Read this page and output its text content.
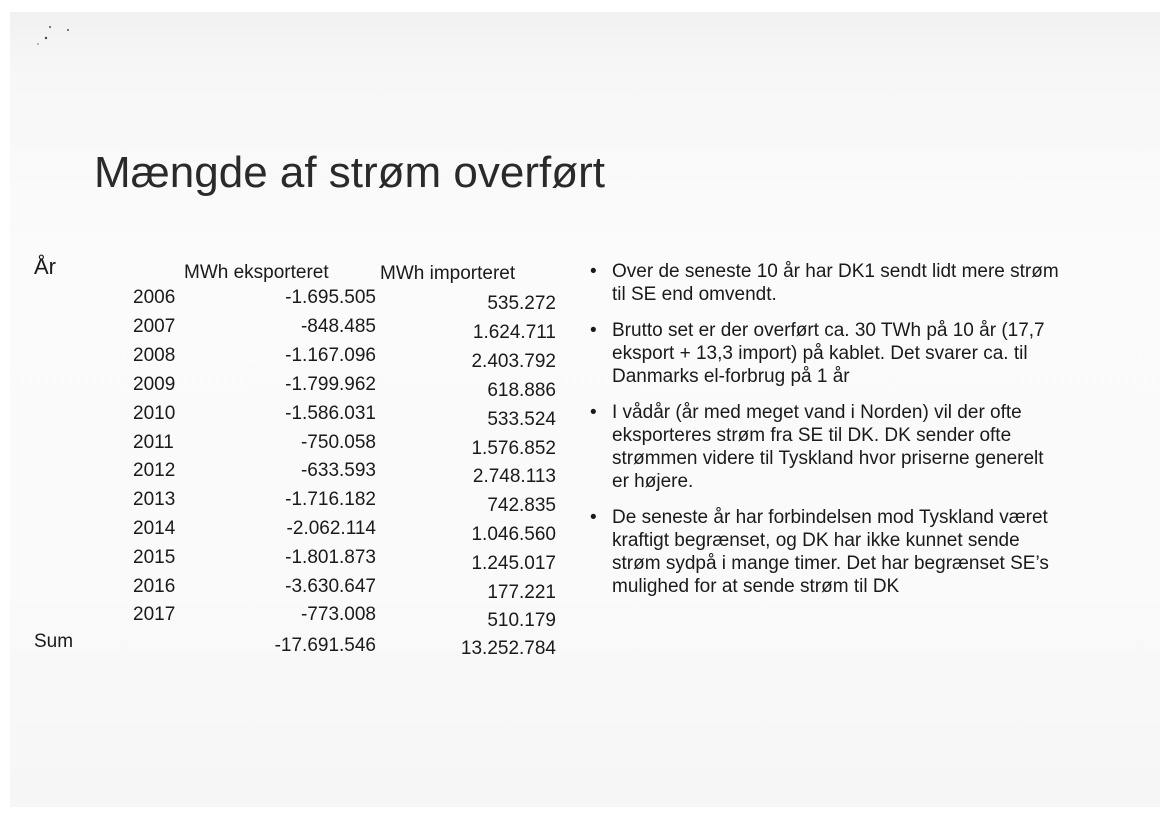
Mængde af strøm overført
År	MWh eksporteret	MWh importeret
2006	-1.695.505	535.272
2007	-848.485	1.624.711
2008	-1.167.096	2.403.792
2009	-1.799.962	618.886
2010	-1.586.031	533.524
2011	-750.058	1.576.852
2012	-633.593	2.748.113
2013	-1.716.182	742.835
2014	-2.062.114	1.046.560
2015	-1.801.873	1.245.017
2016	-3.630.647	177.221
2017	-773.008	510.179
Sum	-17.691.546	13.252.784
• Over de seneste 10 år har DK1 sendt lidt mere strøm til SE end omvendt.
• Brutto set er der overført ca. 30 TWh på 10 år (17,7 eksport + 13,3 import) på kablet. Det svarer ca. til Danmarks el-forbrug på 1 år
• I vådår (år med meget vand i Norden) vil der ofte eksporteres strøm fra SE til DK. DK sender ofte strømmen videre til Tyskland hvor priserne generelt er højere.
• De seneste år har forbindelsen mod Tyskland været kraftigt begrænset, og DK har ikke kunnet sende strøm sydpå i mange timer. Det har begrænset SE’s mulighed for at sende strøm til DK
